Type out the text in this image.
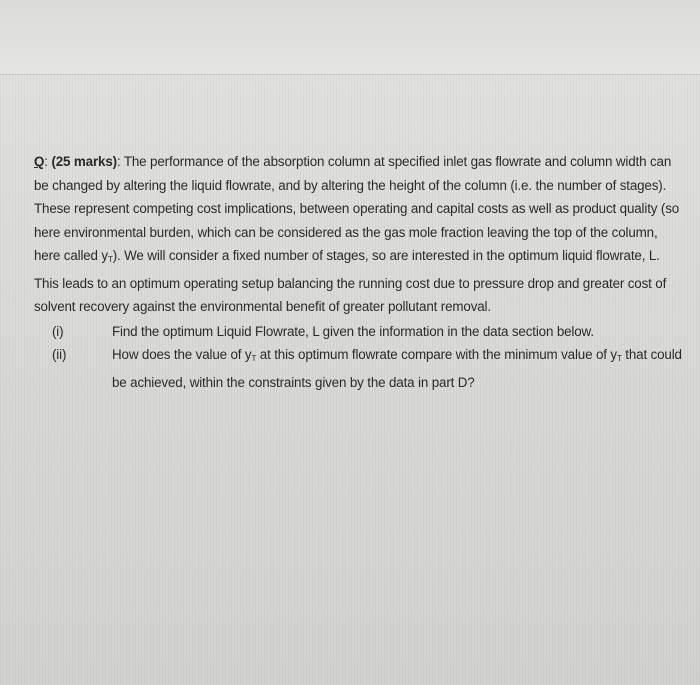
Q: (25 marks): The performance of the absorption column at specified inlet gas flowrate and column width can be changed by altering the liquid flowrate, and by altering the height of the column (i.e. the number of stages). These represent competing cost implications, between operating and capital costs as well as product quality (so here environmental burden, which can be considered as the gas mole fraction leaving the top of the column, here called $y_T$). We will consider a fixed number of stages, so are interested in the optimum liquid flowrate, L. This leads to an optimum operating setup balancing the running cost due to pressure drop and greater cost of solvent recovery against the environmental benefit of greater pollutant removal.

(i)	Find the optimum Liquid Flowrate, L given the information in the data section below.
(ii)	How does the value of $y_T$ at this optimum flowrate compare with the minimum value of $y_T$ that could be achieved, within the constraints given by the data in part D?
